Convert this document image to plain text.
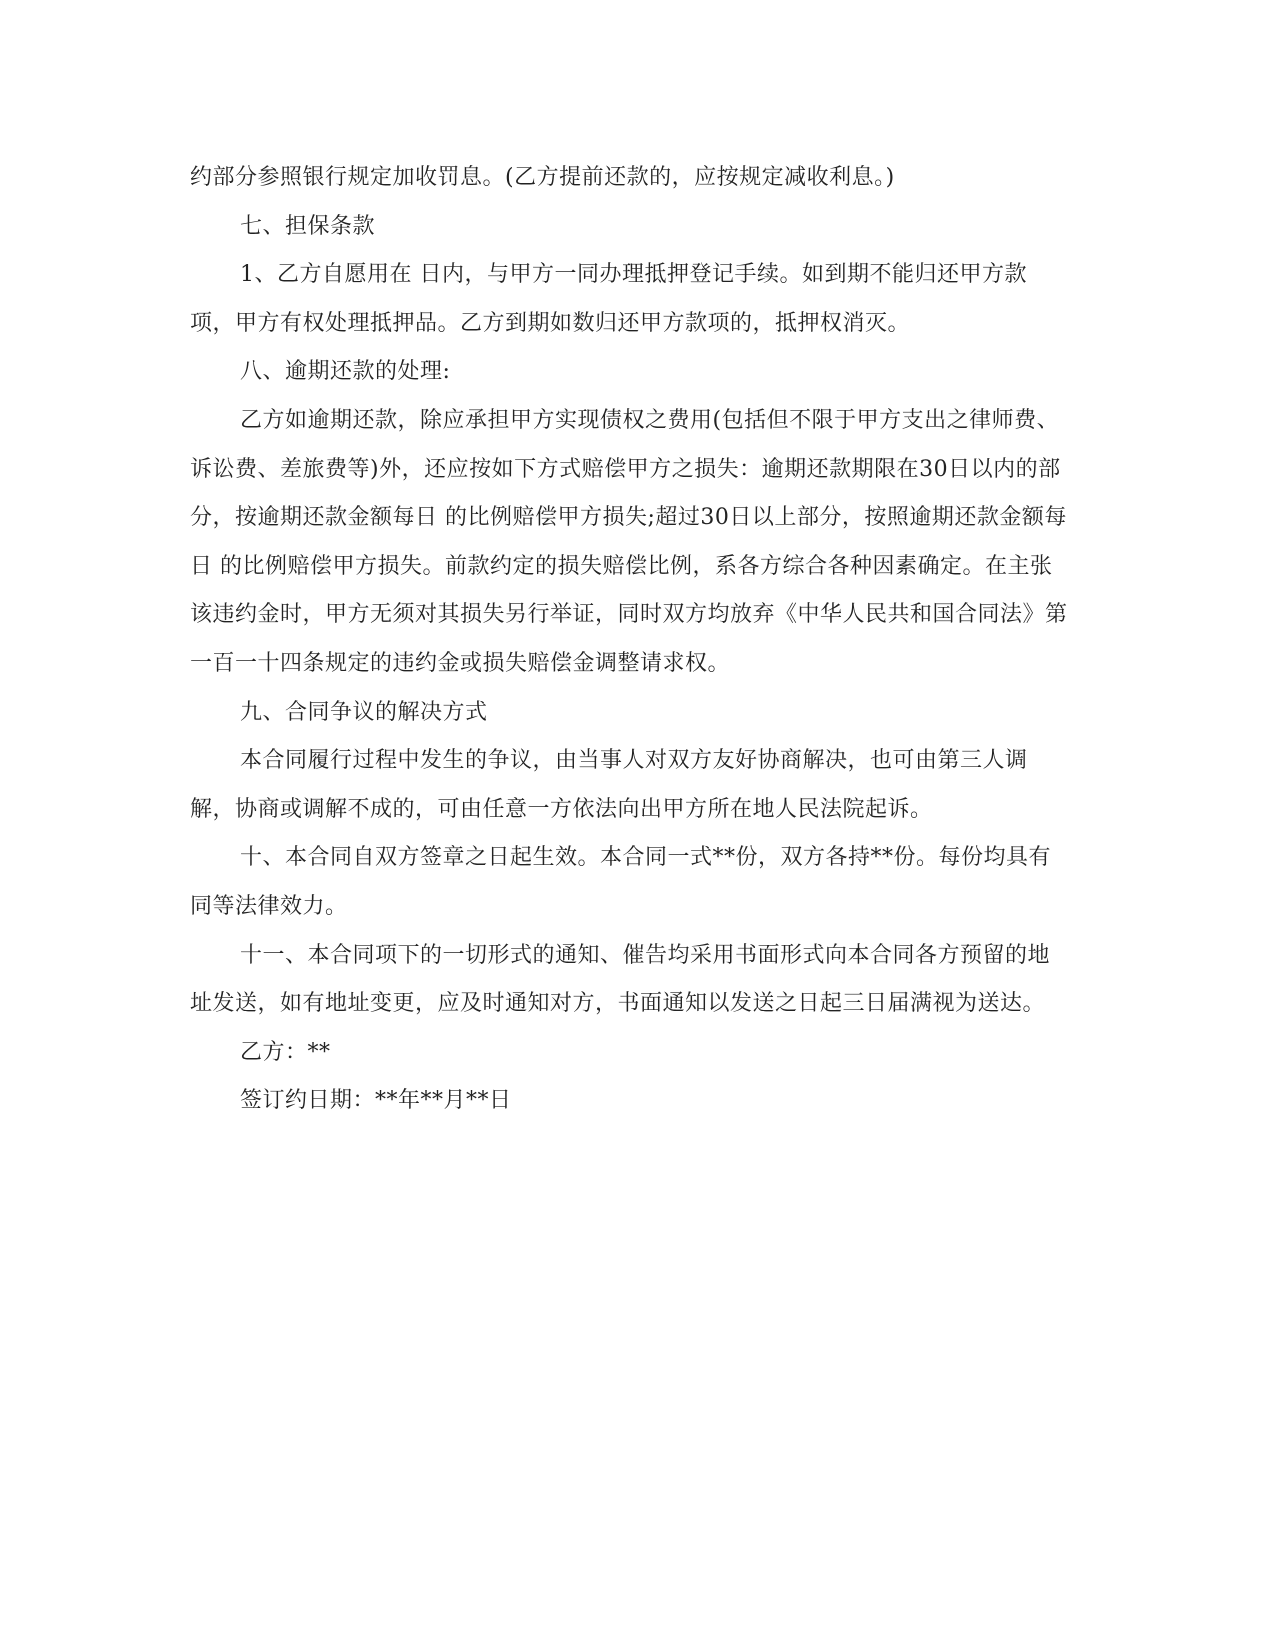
约部分参照银行规定加收罚息。(乙方提前还款的，应按规定减收利息。)

七、担保条款

1、乙方自愿用在 日内，与甲方一同办理抵押登记手续。如到期不能归还甲方款项，甲方有权处理抵押品。乙方到期如数归还甲方款项的，抵押权消灭。

八、逾期还款的处理:

乙方如逾期还款，除应承担甲方实现债权之费用(包括但不限于甲方支出之律师费、诉讼费、差旅费等)外，还应按如下方式赔偿甲方之损失：逾期还款期限在30日以内的部分，按逾期还款金额每日 的比例赔偿甲方损失;超过30日以上部分，按照逾期还款金额每日 的比例赔偿甲方损失。前款约定的损失赔偿比例，系各方综合各种因素确定。在主张该违约金时，甲方无须对其损失另行举证，同时双方均放弃《中华人民共和国合同法》第一百一十四条规定的违约金或损失赔偿金调整请求权。

九、合同争议的解决方式

本合同履行过程中发生的争议，由当事人对双方友好协商解决，也可由第三人调解，协商或调解不成的，可由任意一方依法向出甲方所在地人民法院起诉。

十、本合同自双方签章之日起生效。本合同一式**份，双方各持**份。每份均具有同等法律效力。

十一、本合同项下的一切形式的通知、催告均采用书面形式向本合同各方预留的地址发送，如有地址变更，应及时通知对方，书面通知以发送之日起三日届满视为送达。

乙方：**

签订约日期：**年**月**日
